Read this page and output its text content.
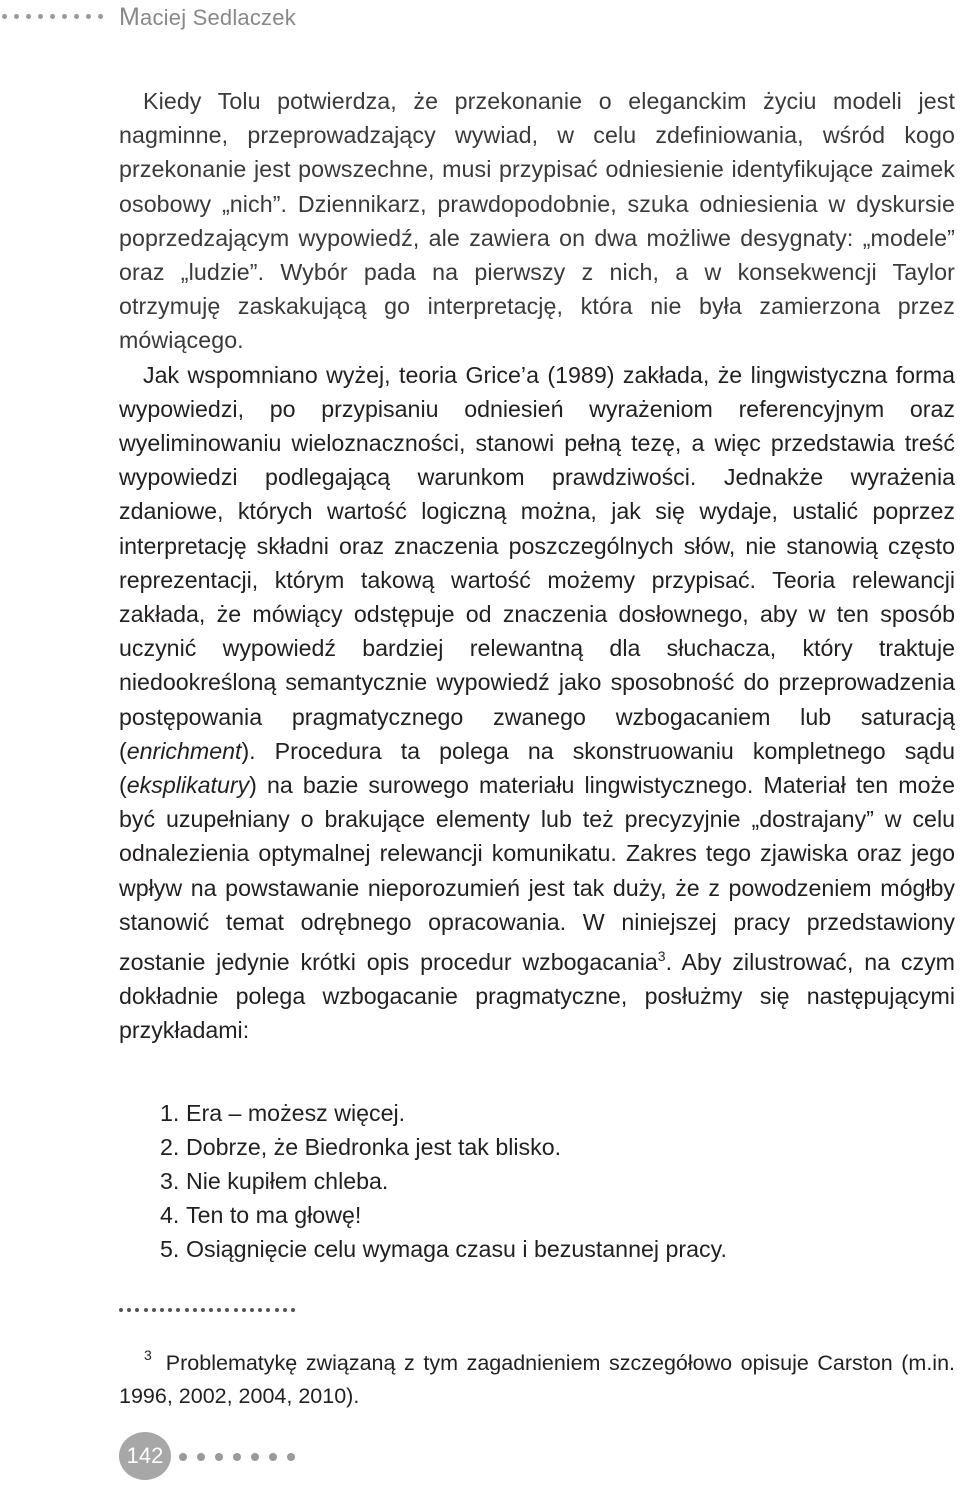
Maciej Sedlaczek

Kiedy Tolu potwierdza, że przekonanie o eleganckim życiu modeli jest nagminne, przeprowadzający wywiad, w celu zdefiniowania, wśród kogo przekonanie jest powszechne, musi przypisać odniesienie identyfikujące zaimek osobowy „nich”. Dziennikarz, prawdopodobnie, szuka odniesienia w dyskursie poprzedzającym wypowiedź, ale zawiera on dwa możliwe desygnaty: „modele” oraz „ludzie”. Wybór pada na pierwszy z nich, a w konsekwencji Taylor otrzymuję zaskakującą go interpretację, która nie była zamierzona przez mówiącego.

Jak wspomniano wyżej, teoria Grice’a (1989) zakłada, że lingwistyczna forma wypowiedzi, po przypisaniu odniesień wyrażeniom referencyjnym oraz wyeliminowaniu wieloznaczności, stanowi pełną tezę, a więc przedstawia treść wypowiedzi podlegającą warunkom prawdziwości. Jednakże wyrażenia zdaniowe, których wartość logiczną można, jak się wydaje, ustalić poprzez interpretację składni oraz znaczenia poszczególnych słów, nie stanowią często reprezentacji, którym takową wartość możemy przypisać. Teoria relewancji zakłada, że mówiący odstępuje od znaczenia dosłownego, aby w ten sposób uczynić wypowiedź bardziej relewantną dla słuchacza, który traktuje niedookreśloną semantycznie wypowiedź jako sposobność do przeprowadzenia postępowania pragmatycznego zwanego wzbogacaniem lub saturacją (enrichment). Procedura ta polega na skonstruowaniu kompletnego sądu (eksplikatury) na bazie surowego materiału lingwistycznego. Materiał ten może być uzupełniany o brakujące elementy lub też precyzyjnie „dostrajany” w celu odnalezienia optymalnej relewancji komunikatu. Zakres tego zjawiska oraz jego wpływ na powstawanie nieporozumień jest tak duży, że z powodzeniem mógłby stanowić temat odrębnego opracowania. W niniejszej pracy przedstawiony zostanie jedynie krótki opis procedur wzbogacania$^3$. Aby zilustrować, na czym dokładnie polega wzbogacanie pragmatyczne, posłużmy się następującymi przykładami:

1. Era – możesz więcej.
2. Dobrze, że Biedronka jest tak blisko.
3. Nie kupiłem chleba.
4. Ten to ma głowę!
5. Osiągnięcie celu wymaga czasu i bezustannej pracy.

$^3$ Problematykę związaną z tym zagadnieniem szczegółowo opisuje Carston (m.in. 1996, 2002, 2004, 2010).

142
